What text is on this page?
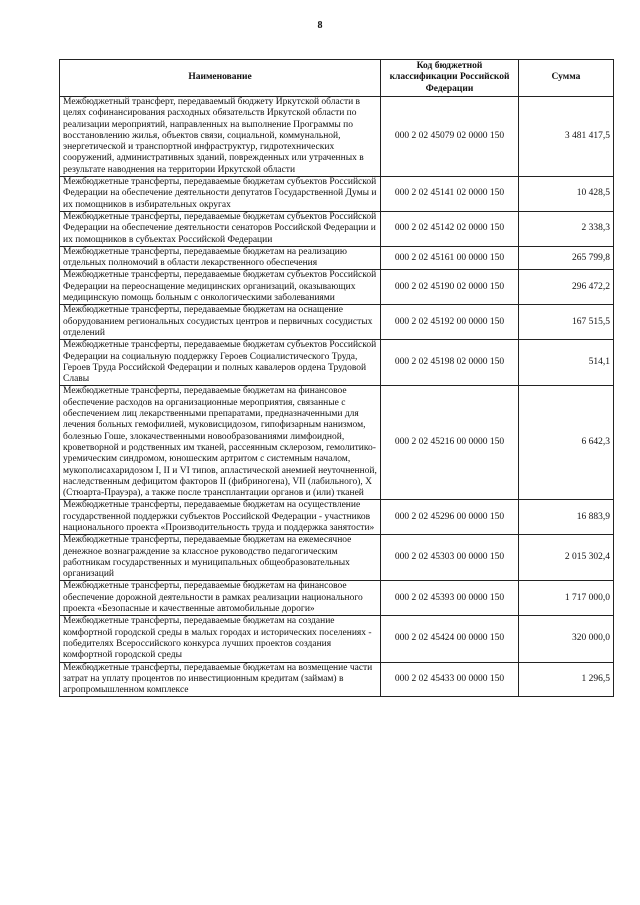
8
Наименование	Код бюджетной классификации Российской Федерации	Сумма
Межбюджетный трансферт, передаваемый бюджету Иркутской области в целях софинансирования расходных обязательств Иркутской области по реализации мероприятий, направленных на выполнение Программы по восстановлению жилья, объектов связи, социальной, коммунальной, энергетической и транспортной инфраструктур, гидротехнических сооружений, административных зданий, поврежденных или утраченных в результате наводнения на территории Иркутской области	000 2 02 45079 02 0000 150	3 481 417,5
Межбюджетные трансферты, передаваемые бюджетам субъектов Российской Федерации на обеспечение деятельности депутатов Государственной Думы и их помощников в избирательных округах	000 2 02 45141 02 0000 150	10 428,5
Межбюджетные трансферты, передаваемые бюджетам субъектов Российской Федерации на обеспечение деятельности сенаторов Российской Федерации и их помощников в субъектах Российской Федерации	000 2 02 45142 02 0000 150	2 338,3
Межбюджетные трансферты, передаваемые бюджетам на реализацию отдельных полномочий в области лекарственного обеспечения	000 2 02 45161 00 0000 150	265 799,8
Межбюджетные трансферты, передаваемые бюджетам субъектов Российской Федерации на переоснащение медицинских организаций, оказывающих медицинскую помощь больным с онкологическими заболеваниями	000 2 02 45190 02 0000 150	296 472,2
Межбюджетные трансферты, передаваемые бюджетам на оснащение оборудованием региональных сосудистых центров и первичных сосудистых отделений	000 2 02 45192 00 0000 150	167 515,5
Межбюджетные трансферты, передаваемые бюджетам субъектов Российской Федерации на социальную поддержку Героев Социалистического Труда, Героев Труда Российской Федерации и полных кавалеров ордена Трудовой Славы	000 2 02 45198 02 0000 150	514,1
Межбюджетные трансферты, передаваемые бюджетам на финансовое обеспечение расходов на организационные мероприятия, связанные с обеспечением лиц лекарственными препаратами, предназначенными для лечения больных гемофилией, муковисцидозом, гипофизарным нанизмом, болезнью Гоше, злокачественными новообразованиями лимфоидной, кроветворной и родственных им тканей, рассеянным склерозом, гемолитико-уремическим синдромом, юношеским артритом с системным началом, мукополисахаридозом I, II и VI типов, апластической анемией неуточненной, наследственным дефицитом факторов II (фибриногена), VII (лабильного), X (Стюарта-Прауэра), а также после трансплантации органов и (или) тканей	000 2 02 45216 00 0000 150	6 642,3
Межбюджетные трансферты, передаваемые бюджетам на осуществление государственной поддержки субъектов Российской Федерации - участников национального проекта «Производительность труда и поддержка занятости»	000 2 02 45296 00 0000 150	16 883,9
Межбюджетные трансферты, передаваемые бюджетам на ежемесячное денежное вознаграждение за классное руководство педагогическим работникам государственных и муниципальных общеобразовательных организаций	000 2 02 45303 00 0000 150	2 015 302,4
Межбюджетные трансферты, передаваемые бюджетам на финансовое обеспечение дорожной деятельности в рамках реализации национального проекта «Безопасные и качественные автомобильные дороги»	000 2 02 45393 00 0000 150	1 717 000,0
Межбюджетные трансферты, передаваемые бюджетам на создание комфортной городской среды в малых городах и исторических поселениях - победителях Всероссийского конкурса лучших проектов создания комфортной городской среды	000 2 02 45424 00 0000 150	320 000,0
Межбюджетные трансферты, передаваемые бюджетам на возмещение части затрат на уплату процентов по инвестиционным кредитам (займам) в агропромышленном комплексе	000 2 02 45433 00 0000 150	1 296,5
